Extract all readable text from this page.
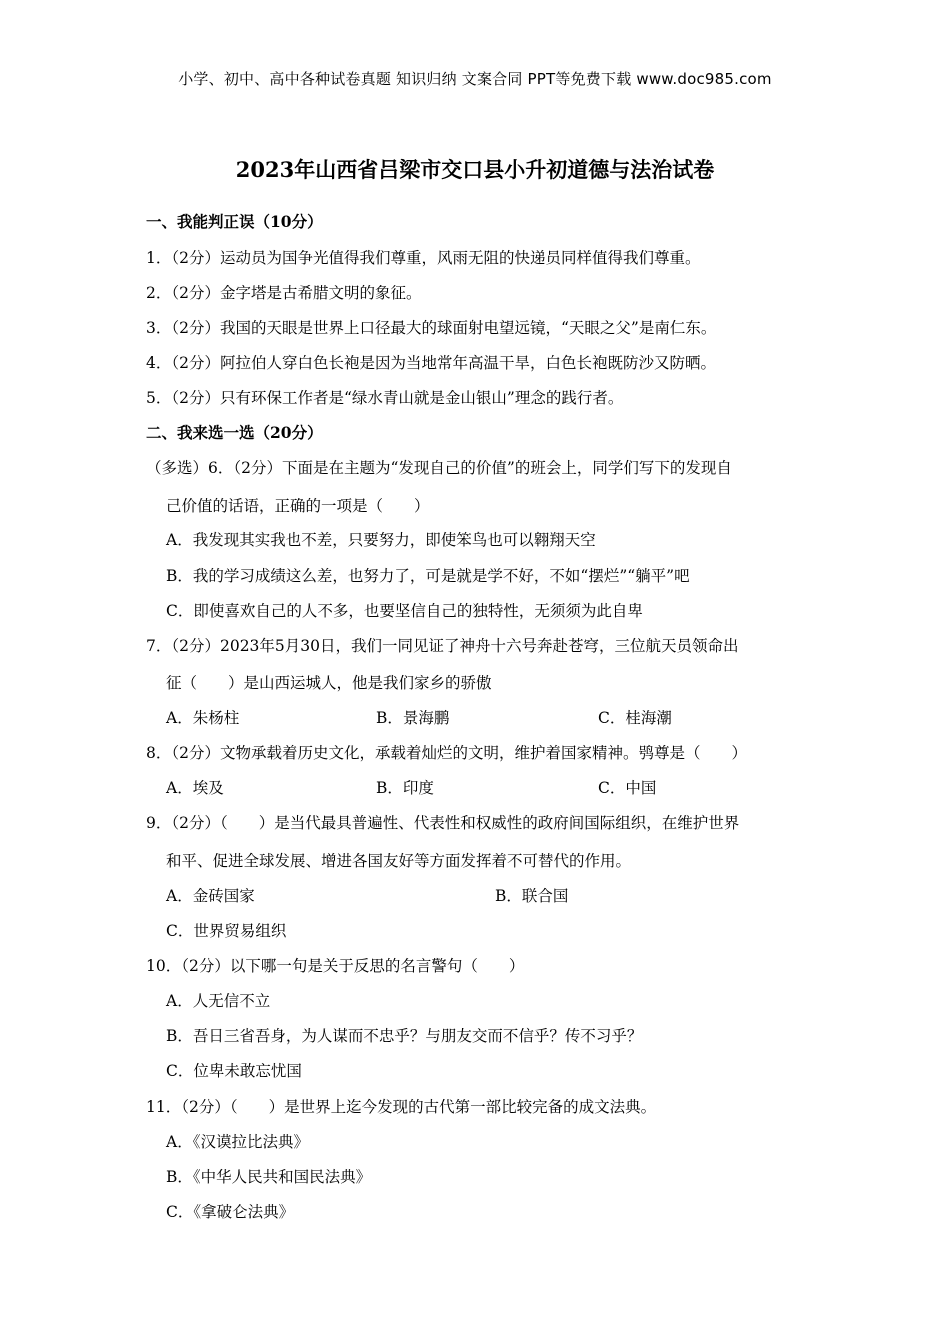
小学、初中、高中各种试卷真题 知识归纳 文案合同 PPT等免费下载 www.doc985.com
2023年山西省吕梁市交口县小升初道德与法治试卷
一、我能判正误（10分）
1．（2分）运动员为国争光值得我们尊重，风雨无阻的快递员同样值得我们尊重。
2．（2分）金字塔是古希腊文明的象征。
3．（2分）我国的天眼是世界上口径最大的球面射电望远镜，“天眼之父”是南仁东。
4．（2分）阿拉伯人穿白色长袍是因为当地常年高温干旱，白色长袍既防沙又防晒。
5．（2分）只有环保工作者是“绿水青山就是金山银山”理念的践行者。
二、我来选一选（20分）
（多选）6．（2分）下面是在主题为“发现自己的价值”的班会上，同学们写下的发现自
己价值的话语，正确的一项是（　　）
A．我发现其实我也不差，只要努力，即使笨鸟也可以翱翔天空
B．我的学习成绩这么差，也努力了，可是就是学不好，不如“摆烂”“躺平”吧
C．即使喜欢自己的人不多，也要坚信自己的独特性，无须须为此自卑
7．（2分）2023年5月30日，我们一同见证了神舟十六号奔赴苍穹，三位航天员领命出
征（　　）是山西运城人，他是我们家乡的骄傲
A．朱杨柱	B．景海鹏	C．桂海潮
8．（2分）文物承载着历史文化，承载着灿烂的文明，维护着国家精神。鸮尊是（　　）
A．埃及	B．印度	C．中国
9．（2分）（　　）是当代最具普遍性、代表性和权威性的政府间国际组织，在维护世界
和平、促进全球发展、增进各国友好等方面发挥着不可替代的作用。
A．金砖国家	B．联合国
C．世界贸易组织
10．（2分）以下哪一句是关于反思的名言警句（　　）
A．人无信不立
B．吾日三省吾身，为人谋而不忠乎？与朋友交而不信乎？传不习乎？
C．位卑未敢忘忧国
11．（2分）（　　）是世界上迄今发现的古代第一部比较完备的成文法典。
A．《汉谟拉比法典》
B．《中华人民共和国民法典》
C．《拿破仑法典》
